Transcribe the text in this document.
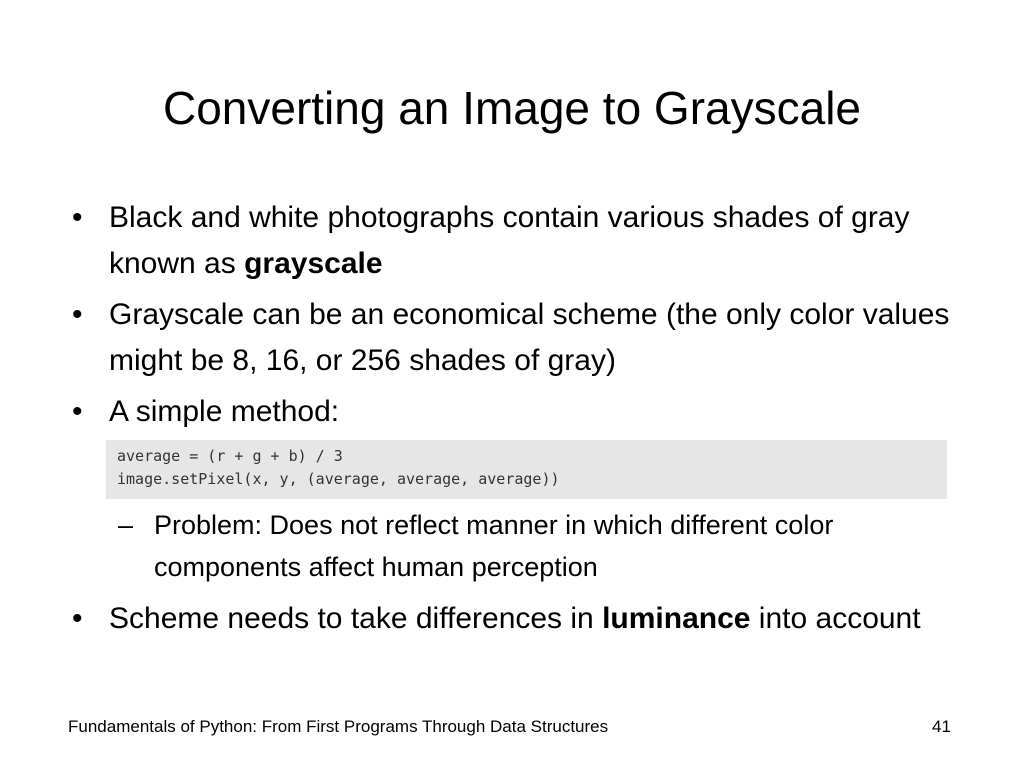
Converting an Image to Grayscale
• Black and white photographs contain various shades of gray known as grayscale
• Grayscale can be an economical scheme (the only color values might be 8, 16, or 256 shades of gray)
• A simple method:
average = (r + g + b) / 3
image.setPixel(x, y, (average, average, average))
– Problem: Does not reflect manner in which different color components affect human perception
• Scheme needs to take differences in luminance into account
Fundamentals of Python: From First Programs Through Data Structures	41
